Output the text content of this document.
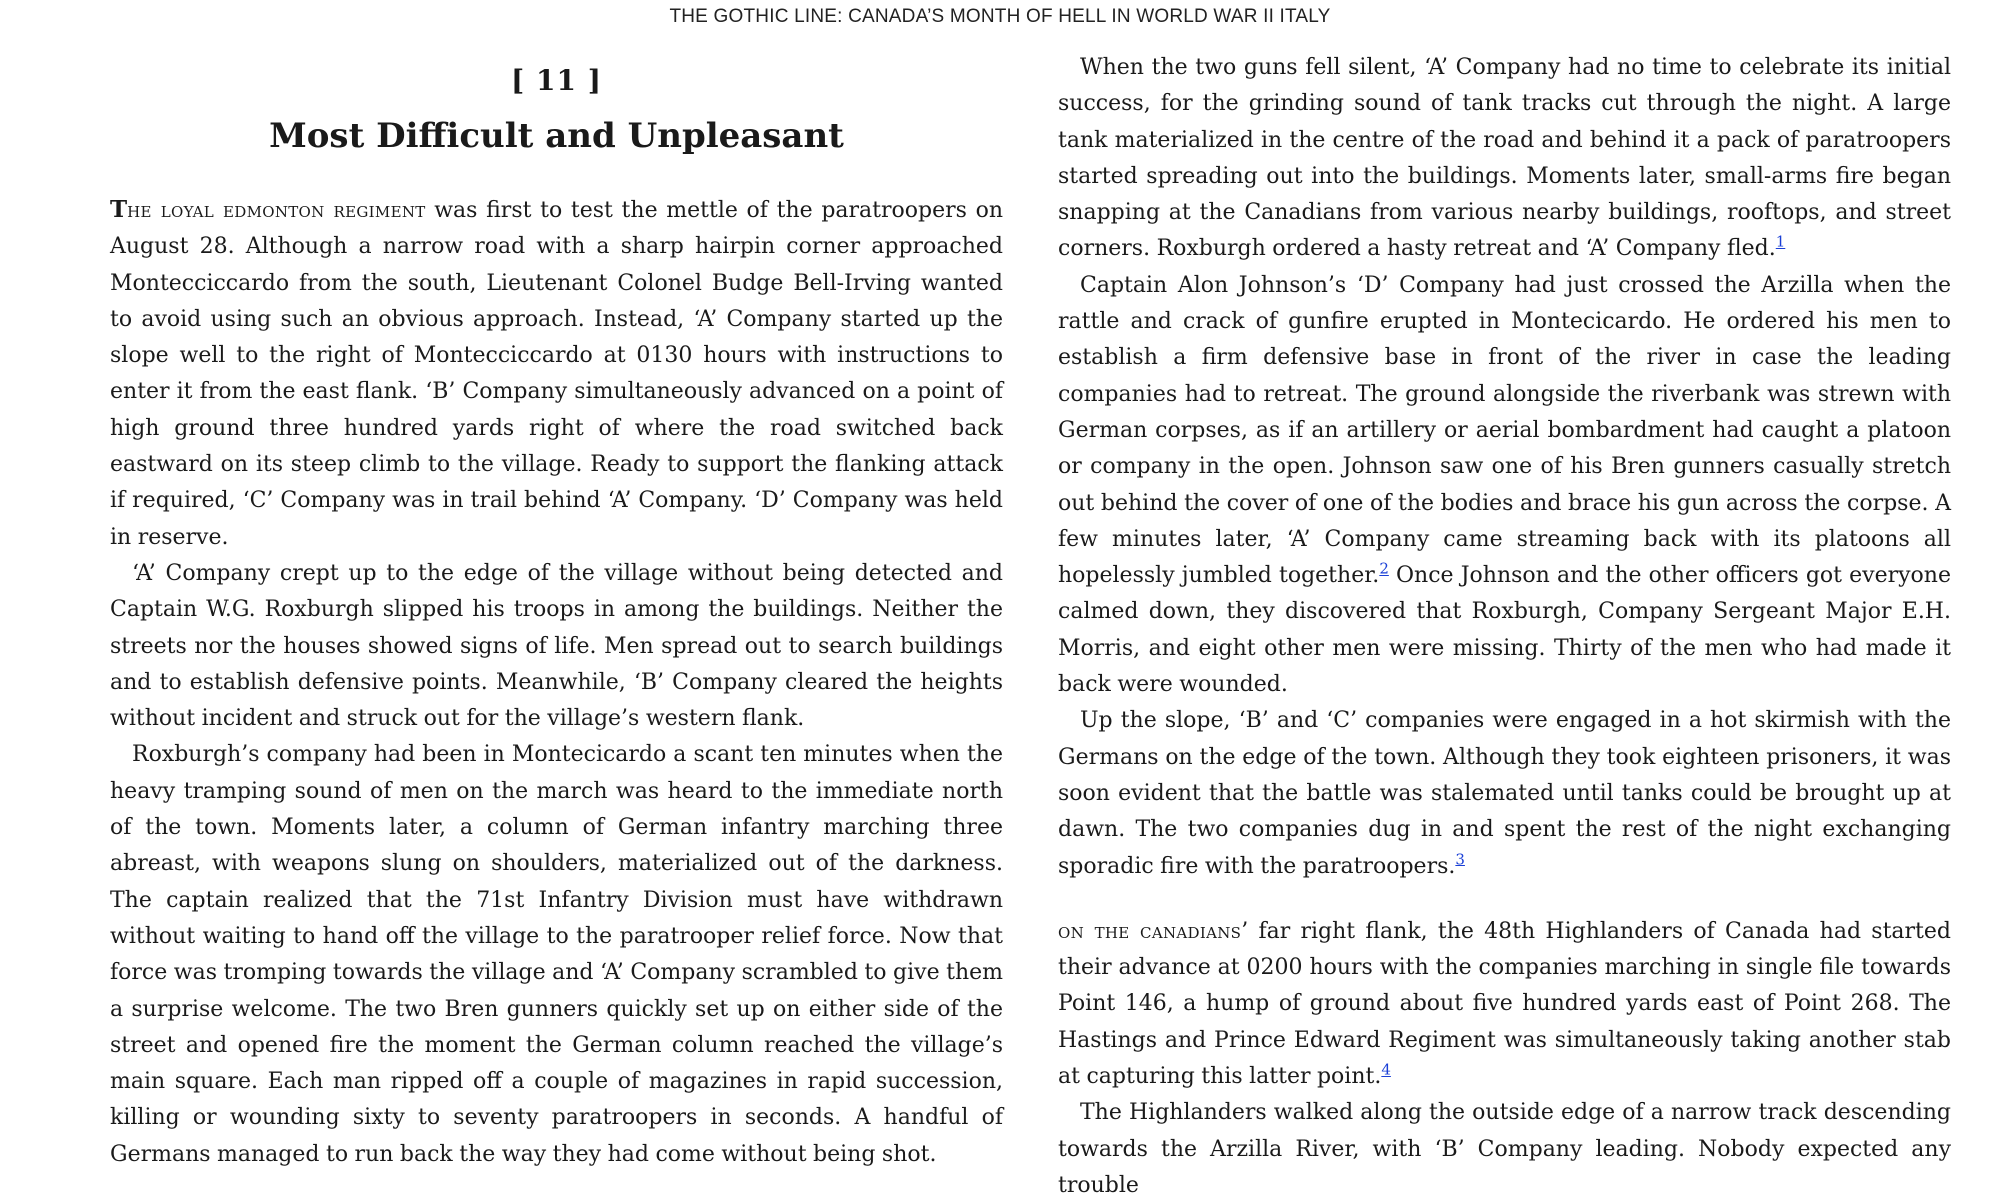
THE GOTHIC LINE: CANADA’S MONTH OF HELL IN WORLD WAR II ITALY
[ 11 ]
Most Difficult and Unpleasant

The loyal edmonton regiment was first to test the mettle of the paratroopers on August 28. Although a narrow road with a sharp hairpin corner approached Montecciccardo from the south, Lieutenant Colonel Budge Bell-Irving wanted to avoid using such an obvious approach. Instead, ‘A’ Company started up the slope well to the right of Montecciccardo at 0130 hours with instructions to enter it from the east flank. ‘B’ Company simultaneously advanced on a point of high ground three hundred yards right of where the road switched back eastward on its steep climb to the village. Ready to support the flanking attack if required, ‘C’ Company was in trail behind ‘A’ Company. ‘D’ Company was held in reserve.

‘A’ Company crept up to the edge of the village without being detected and Captain W.G. Roxburgh slipped his troops in among the buildings. Neither the streets nor the houses showed signs of life. Men spread out to search buildings and to establish defensive points. Meanwhile, ‘B’ Company cleared the heights without incident and struck out for the village’s western flank.

Roxburgh’s company had been in Montecicardo a scant ten minutes when the heavy tramping sound of men on the march was heard to the immediate north of the town. Moments later, a column of German infantry marching three abreast, with weapons slung on shoulders, materialized out of the darkness. The captain realized that the 71st Infantry Division must have withdrawn without waiting to hand off the village to the paratrooper relief force. Now that force was tromping towards the village and ‘A’ Company scrambled to give them a surprise welcome. The two Bren gunners quickly set up on either side of the street and opened fire the moment the German column reached the village’s main square. Each man ripped off a couple of magazines in rapid succession, killing or wounding sixty to seventy paratroopers in seconds. A handful of Germans managed to run back the way they had come without being shot.

When the two guns fell silent, ‘A’ Company had no time to celebrate its initial success, for the grinding sound of tank tracks cut through the night. A large tank materialized in the centre of the road and behind it a pack of paratroopers started spreading out into the buildings. Moments later, small-arms fire began snapping at the Canadians from various nearby buildings, rooftops, and street corners. Roxburgh ordered a hasty retreat and ‘A’ Company fled.$^1$

Captain Alon Johnson’s ‘D’ Company had just crossed the Arzilla when the rattle and crack of gunfire erupted in Montecicardo. He ordered his men to establish a firm defensive base in front of the river in case the leading companies had to retreat. The ground alongside the riverbank was strewn with German corpses, as if an artillery or aerial bombardment had caught a platoon or company in the open. Johnson saw one of his Bren gunners casually stretch out behind the cover of one of the bodies and brace his gun across the corpse. A few minutes later, ‘A’ Company came streaming back with its platoons all hopelessly jumbled together.$^2$ Once Johnson and the other officers got everyone calmed down, they discovered that Roxburgh, Company Sergeant Major E.H. Morris, and eight other men were missing. Thirty of the men who had made it back were wounded.

Up the slope, ‘B’ and ‘C’ companies were engaged in a hot skirmish with the Germans on the edge of the town. Although they took eighteen prisoners, it was soon evident that the battle was stalemated until tanks could be brought up at dawn. The two companies dug in and spent the rest of the night exchanging sporadic fire with the paratroopers.$^3$

on the canadians’ far right flank, the 48th Highlanders of Canada had started their advance at 0200 hours with the companies marching in single file towards Point 146, a hump of ground about five hundred yards east of Point 268. The Hastings and Prince Edward Regiment was simultaneously taking another stab at capturing this latter point.$^4$

The Highlanders walked along the outside edge of a narrow track descending towards the Arzilla River, with ‘B’ Company leading. Nobody expected any trouble
